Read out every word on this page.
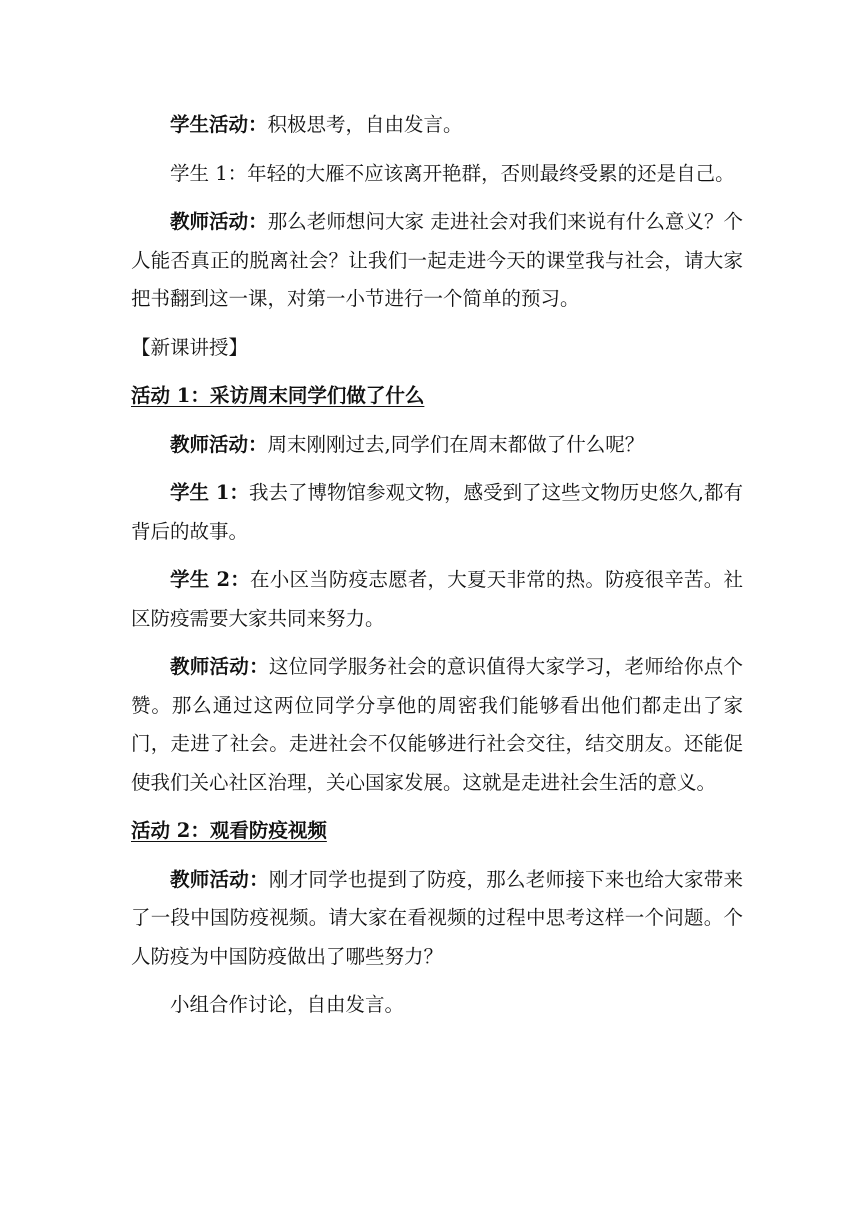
学生活动：积极思考，自由发言。

学生 1：年轻的大雁不应该离开艳群，否则最终受累的还是自己。

教师活动：那么老师想问大家 走进社会对我们来说有什么意义？个人能否真正的脱离社会？让我们一起走进今天的课堂我与社会，请大家把书翻到这一课，对第一小节进行一个简单的预习。

【新课讲授】

活动 1：采访周末同学们做了什么

教师活动：周末刚刚过去,同学们在周末都做了什么呢？

学生 1：我去了博物馆参观文物，感受到了这些文物历史悠久,都有背后的故事。

学生 2：在小区当防疫志愿者，大夏天非常的热。防疫很辛苦。社区防疫需要大家共同来努力。

教师活动：这位同学服务社会的意识值得大家学习，老师给你点个赞。那么通过这两位同学分享他的周密我们能够看出他们都走出了家门，走进了社会。走进社会不仅能够进行社会交往，结交朋友。还能促使我们关心社区治理，关心国家发展。这就是走进社会生活的意义。

活动 2：观看防疫视频

教师活动：刚才同学也提到了防疫，那么老师接下来也给大家带来了一段中国防疫视频。请大家在看视频的过程中思考这样一个问题。个人防疫为中国防疫做出了哪些努力？

小组合作讨论，自由发言。
